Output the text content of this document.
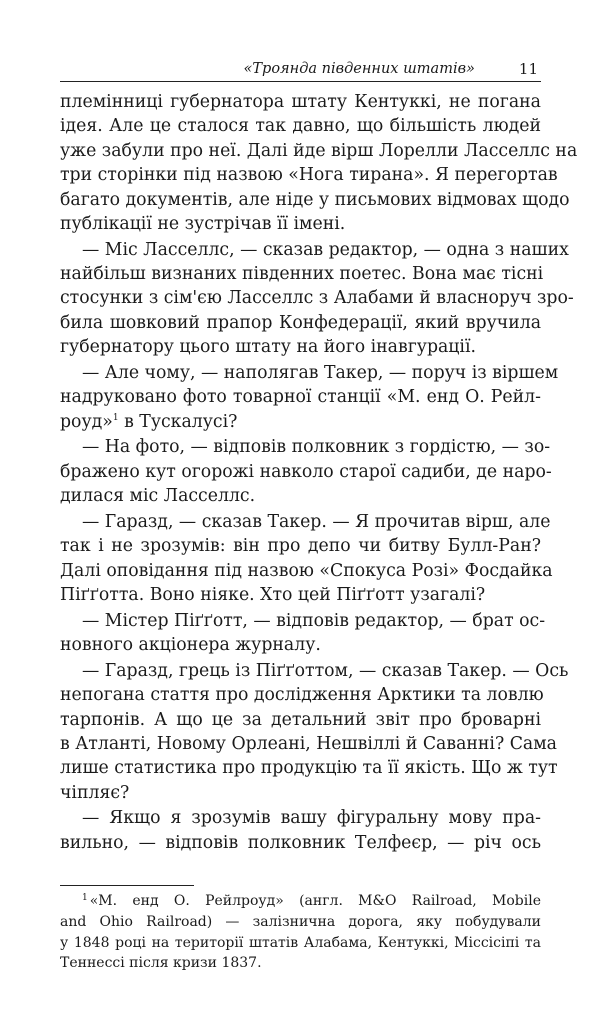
«Троянда південних штатів»	11
племінниці губернатора штату Кентуккі, не погана
ідея. Але це сталося так давно, що більшість людей
уже забули про неї. Далі йде вірш Лорелли Ласселлс на
три сторінки під назвою «Нога тирана». Я перегортав
багато документів, але ніде у письмових відмовах щодо
публікації не зустрічав її імені.
— Міс Ласселлс, — сказав редактор, — одна з наших
найбільш визнаних південних поетес. Вона має тісні
стосунки з сім'єю Ласселлс з Алабами й власноруч зро-
била шовковий прапор Конфедерації, який вручила
губернатору цього штату на його інавгурації.
— Але чому, — наполягав Такер, — поруч із віршем
надруковано фото товарної станції «М. енд О. Рейл-
роуд»$^1$ в Тускалусі?
— На фото, — відповів полковник з гордістю, — зо-
бражено кут огорожі навколо старої садиби, де наро-
дилася міс Ласселлс.
— Гаразд, — сказав Такер. — Я прочитав вірш, але
так і не зрозумів: він про депо чи битву Булл-Ран?
Далі оповідання під назвою «Спокуса Розі» Фосдайка
Піґґотта. Воно ніяке. Хто цей Піґґотт узагалі?
— Містер Піґґотт, — відповів редактор, — брат ос-
новного акціонера журналу.
— Гаразд, грець із Піґґоттом, — сказав Такер. — Ось
непогана стаття про дослідження Арктики та ловлю
тарпонів. А що це за детальний звіт про броварні
в Атланті, Новому Орлеані, Нешвіллі й Саванні? Сама
лише статистика про продукцію та її якість. Що ж тут
чіпляє?
— Якщо я зрозумів вашу фігуральну мову пра-
вильно, — відповів полковник Телфеєр, — річ ось
$^1$ «М. енд О. Рейлроуд» (англ. M&O Railroad, Mobile
and Ohio Railroad) — залізнична дорога, яку побудували
у 1848 році на території штатів Алабама, Кентуккі, Міссісіпі та
Теннессі після кризи 1837.
